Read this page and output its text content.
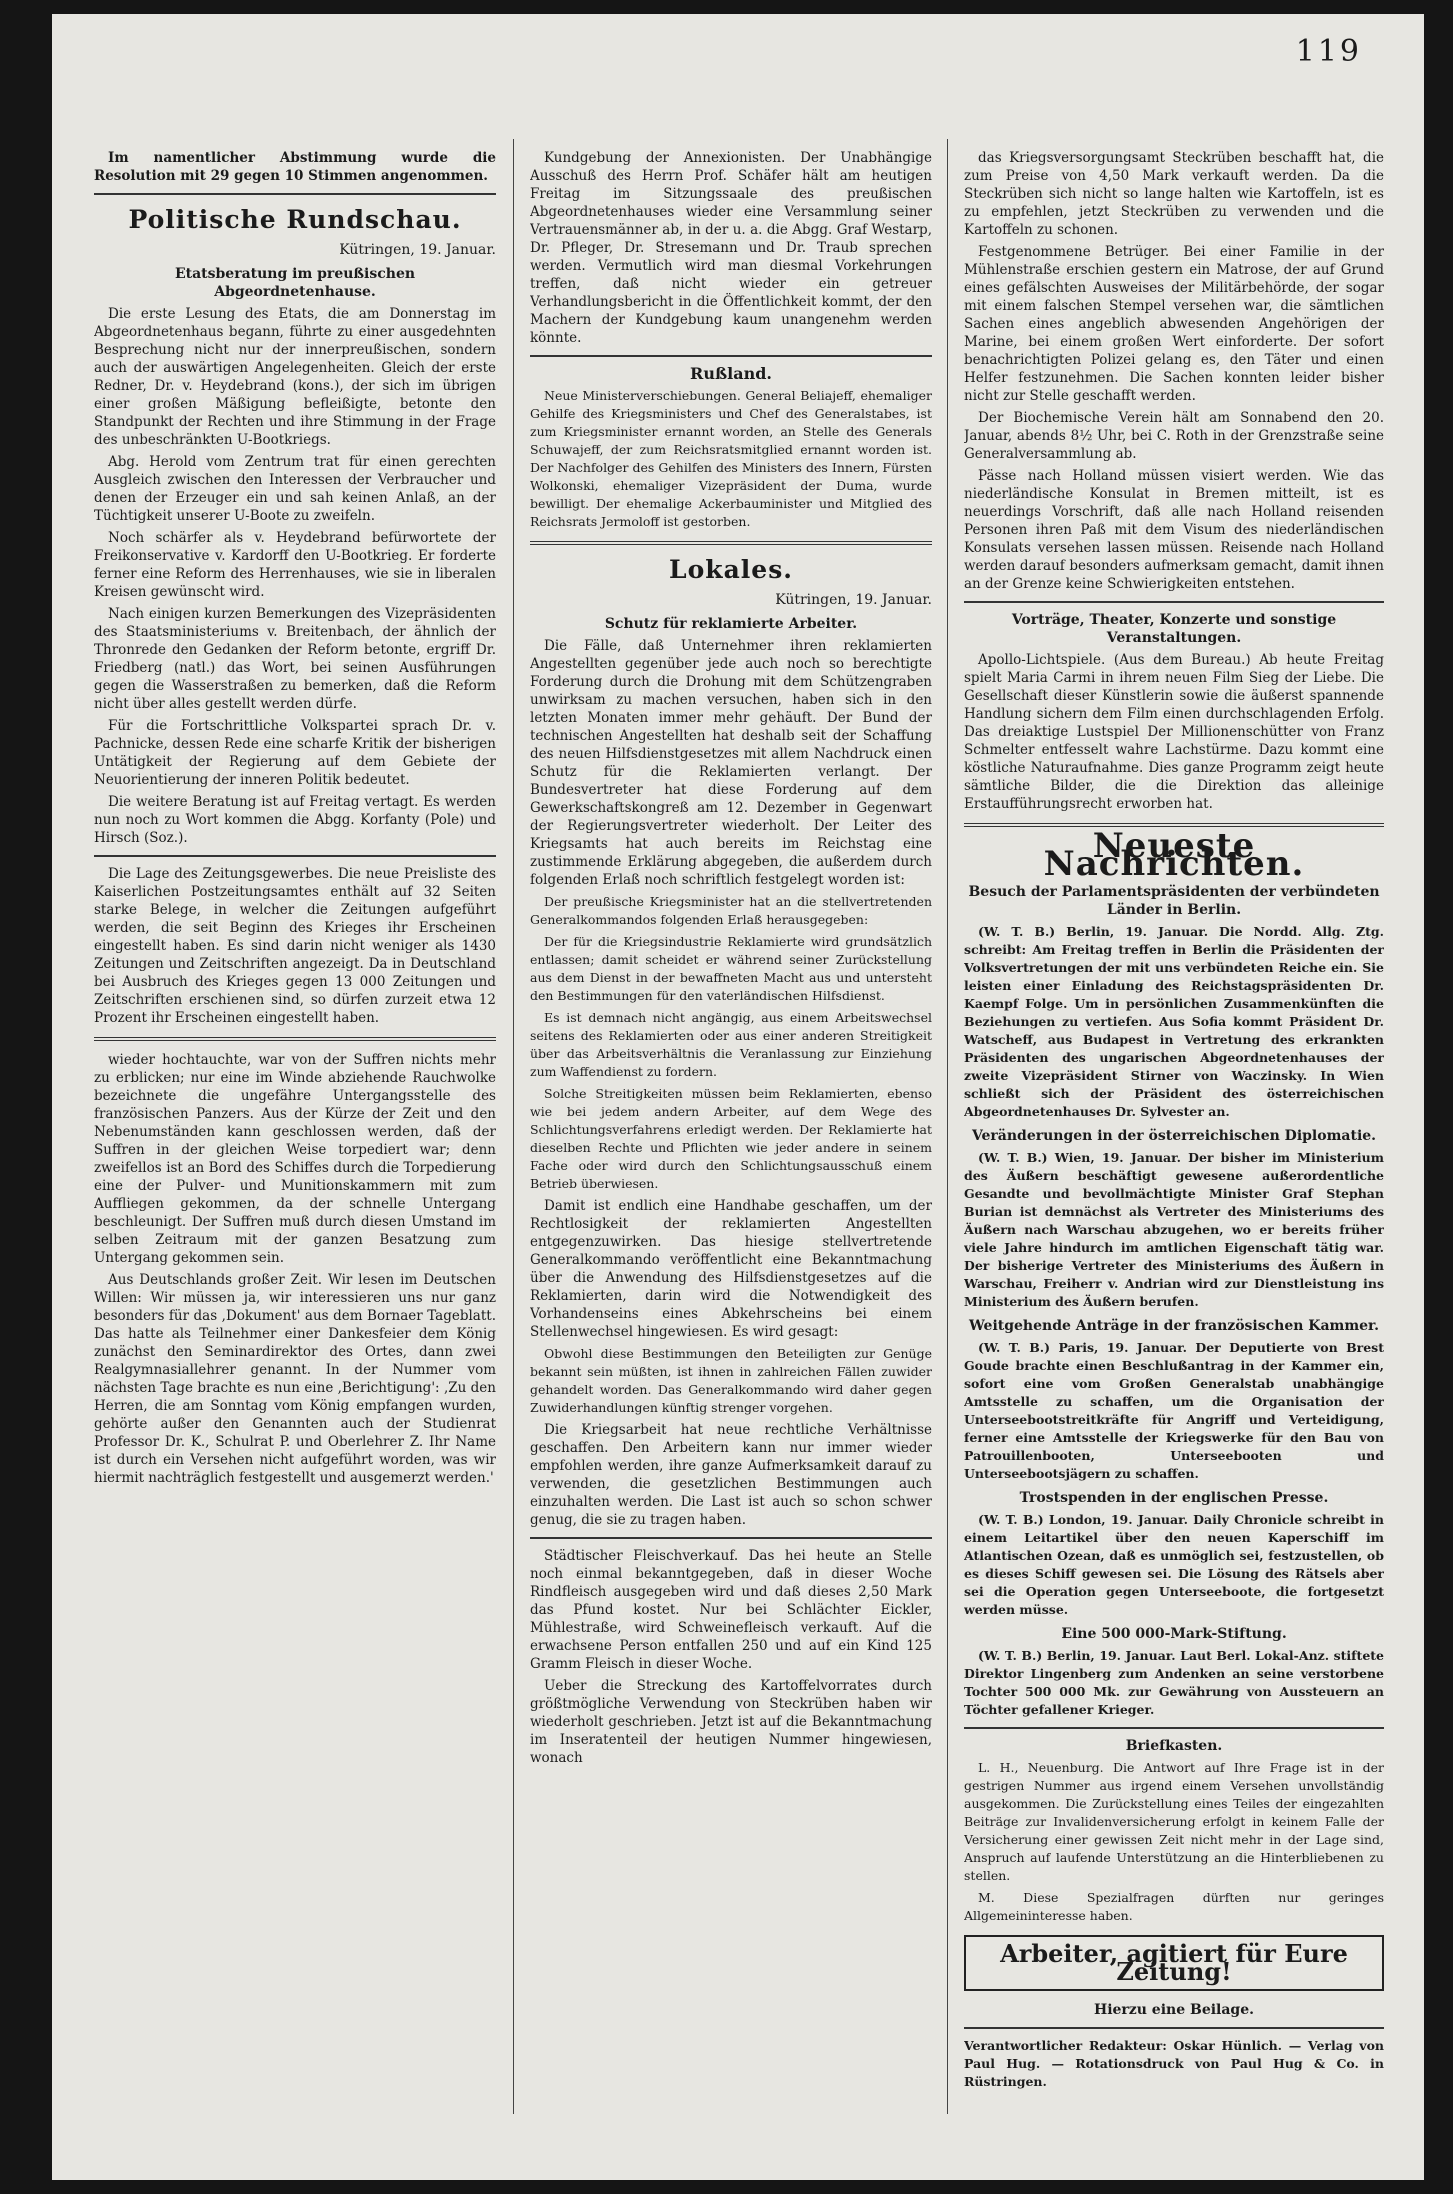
119

Im namentlicher Abstimmung wurde die Resolution mit 29 gegen 10 Stimmen angenommen.

Politische Rundschau.
Kütringen, 19. Januar.
Etatsberatung im preußischen Abgeordnetenhause.

Die erste Lesung des Etats, die am Donnerstag im Abgeordnetenhaus begann, führte zu einer ausgedehnten Besprechung nicht nur der innerpreußischen, sondern auch der auswärtigen Angelegenheiten. Gleich der erste Redner, Dr. v. Heydebrand (kons.), der sich im übrigen einer großen Mäßigung befleißigte, betonte den Standpunkt der Rechten und ihre Stimmung in der Frage des unbeschränkten U-Bootkriegs.

Abg. Herold vom Zentrum trat für einen gerechten Ausgleich zwischen den Interessen der Verbraucher und denen der Erzeuger ein und sah keinen Anlaß, an der Tüchtigkeit unserer U-Boote zu zweifeln.

Noch schärfer als v. Heydebrand befürwortete der Freikonservative v. Kardorff den U-Bootkrieg. Er forderte ferner eine Reform des Herrenhauses, wie sie in liberalen Kreisen gewünscht wird.

Nach einigen kurzen Bemerkungen des Vizepräsidenten des Staatsministeriums v. Breitenbach, der ähnlich der Thronrede den Gedanken der Reform betonte, ergriff Dr. Friedberg (natl.) das Wort, bei seinen Ausführungen gegen die Wasserstraßen zu bemerken, daß die Reform nicht über alles gestellt werden dürfe.

Für die Fortschrittliche Volkspartei sprach Dr. v. Pachnicke, dessen Rede eine scharfe Kritik der bisherigen Untätigkeit der Regierung auf dem Gebiete der Neuorientierung der inneren Politik bedeutet.

Die weitere Beratung ist auf Freitag vertagt. Es werden nun noch zu Wort kommen die Abgg. Korfanty (Pole) und Hirsch (Soz.).

Die Lage des Zeitungsgewerbes. Die neue Preisliste des Kaiserlichen Postzeitungsamtes enthält auf 32 Seiten starke Belege, in welcher die Zeitungen aufgeführt werden, die seit Beginn des Krieges ihr Erscheinen eingestellt haben. Es sind darin nicht weniger als 1430 Zeitungen und Zeitschriften angezeigt. Da in Deutschland bei Ausbruch des Krieges gegen 13 000 Zeitungen und Zeitschriften erschienen sind, so dürfen zurzeit etwa 12 Prozent ihr Erscheinen eingestellt haben.

wieder hochtauchte, war von der Suffren nichts mehr zu erblicken; nur eine im Winde abziehende Rauchwolke bezeichnete die ungefähre Untergangsstelle des französischen Panzers. Aus der Kürze der Zeit und den Nebenumständen kann geschlossen werden, daß der Suffren in der gleichen Weise torpediert war; denn zweifellos ist an Bord des Schiffes durch die Torpedierung eine der Pulver- und Munitionskammern mit zum Auffliegen gekommen, da der schnelle Untergang beschleunigt. Der Suffren muß durch diesen Umstand im selben Zeitraum mit der ganzen Besatzung zum Untergang gekommen sein.

Aus Deutschlands großer Zeit. Wir lesen im Deutschen Willen: Wir müssen ja, wir interessieren uns nur ganz besonders für das ,Dokument' aus dem Bornaer Tageblatt. Das hatte als Teilnehmer einer Dankesfeier dem König zunächst den Seminardirektor des Ortes, dann zwei Realgymnasiallehrer genannt. In der Nummer vom nächsten Tage brachte es nun eine ,Berichtigung': ,Zu den Herren, die am Sonntag vom König empfangen wurden, gehörte außer den Genannten auch der Studienrat Professor Dr. K., Schulrat P. und Oberlehrer Z. Ihr Name ist durch ein Versehen nicht aufgeführt worden, was wir hiermit nachträglich festgestellt und ausgemerzt werden.'

Kundgebung der Annexionisten. Der Unabhängige Ausschuß des Herrn Prof. Schäfer hält am heutigen Freitag im Sitzungssaale des preußischen Abgeordnetenhauses wieder eine Versammlung seiner Vertrauensmänner ab, in der u. a. die Abgg. Graf Westarp, Dr. Pfleger, Dr. Stresemann und Dr. Traub sprechen werden. Vermutlich wird man diesmal Vorkehrungen treffen, daß nicht wieder ein getreuer Verhandlungsbericht in die Öffentlichkeit kommt, der den Machern der Kundgebung kaum unangenehm werden könnte.

Rußland.

Neue Ministerverschiebungen. General Beliajeff, ehemaliger Gehilfe des Kriegsministers und Chef des Generalstabes, ist zum Kriegsminister ernannt worden, an Stelle des Generals Schuwajeff, der zum Reichsratsmitglied ernannt worden ist. Der Nachfolger des Gehilfen des Ministers des Innern, Fürsten Wolkonski, ehemaliger Vizepräsident der Duma, wurde bewilligt. Der ehemalige Ackerbauminister und Mitglied des Reichsrats Jermoloff ist gestorben.

Lokales.
Kütringen, 19. Januar.
Schutz für reklamierte Arbeiter.

Die Fälle, daß Unternehmer ihren reklamierten Angestellten gegenüber jede auch noch so berechtigte Forderung durch die Drohung mit dem Schützengraben unwirksam zu machen versuchen, haben sich in den letzten Monaten immer mehr gehäuft. Der Bund der technischen Angestellten hat deshalb seit der Schaffung des neuen Hilfsdienstgesetzes mit allem Nachdruck einen Schutz für die Reklamierten verlangt. Der Bundesvertreter hat diese Forderung auf dem Gewerkschaftskongreß am 12. Dezember in Gegenwart der Regierungsvertreter wiederholt. Der Leiter des Kriegsamts hat auch bereits im Reichstag eine zustimmende Erklärung abgegeben, die außerdem durch folgenden Erlaß noch schriftlich festgelegt worden ist:

Der preußische Kriegsminister hat an die stellvertretenden Generalkommandos folgenden Erlaß herausgegeben:

Der für die Kriegsindustrie Reklamierte wird grundsätzlich entlassen; damit scheidet er während seiner Zurückstellung aus dem Dienst in der bewaffneten Macht aus und untersteht den Bestimmungen für den vaterländischen Hilfsdienst.

Es ist demnach nicht angängig, aus einem Arbeitswechsel seitens des Reklamierten oder aus einer anderen Streitigkeit über das Arbeitsverhältnis die Veranlassung zur Einziehung zum Waffendienst zu fordern.

Solche Streitigkeiten müssen beim Reklamierten, ebenso wie bei jedem andern Arbeiter, auf dem Wege des Schlichtungsverfahrens erledigt werden. Der Reklamierte hat dieselben Rechte und Pflichten wie jeder andere in seinem Fache oder wird durch den Schlichtungsausschuß einem Betrieb überwiesen.

Damit ist endlich eine Handhabe geschaffen, um der Rechtlosigkeit der reklamierten Angestellten entgegenzuwirken. Das hiesige stellvertretende Generalkommando veröffentlicht eine Bekanntmachung über die Anwendung des Hilfsdienstgesetzes auf die Reklamierten, darin wird die Notwendigkeit des Vorhandenseins eines Abkehrscheins bei einem Stellenwechsel hingewiesen. Es wird gesagt:

Obwohl diese Bestimmungen den Beteiligten zur Genüge bekannt sein müßten, ist ihnen in zahlreichen Fällen zuwider gehandelt worden. Das Generalkommando wird daher gegen Zuwiderhandlungen künftig strenger vorgehen.

Die Kriegsarbeit hat neue rechtliche Verhältnisse geschaffen. Den Arbeitern kann nur immer wieder empfohlen werden, ihre ganze Aufmerksamkeit darauf zu verwenden, die gesetzlichen Bestimmungen auch einzuhalten werden. Die Last ist auch so schon schwer genug, die sie zu tragen haben.

Städtischer Fleischverkauf. Das hei heute an Stelle noch einmal bekanntgegeben, daß in dieser Woche Rindfleisch ausgegeben wird und daß dieses 2,50 Mark das Pfund kostet. Nur bei Schlächter Eickler, Mühlestraße, wird Schweinefleisch verkauft. Auf die erwachsene Person entfallen 250 und auf ein Kind 125 Gramm Fleisch in dieser Woche.

Ueber die Streckung des Kartoffelvorrates durch größtmögliche Verwendung von Steckrüben haben wir wiederholt geschrieben. Jetzt ist auf die Bekanntmachung im Inseratenteil der heutigen Nummer hingewiesen, wonach

das Kriegsversorgungsamt Steckrüben beschafft hat, die zum Preise von 4,50 Mark verkauft werden. Da die Steckrüben sich nicht so lange halten wie Kartoffeln, ist es zu empfehlen, jetzt Steckrüben zu verwenden und die Kartoffeln zu schonen.

Festgenommene Betrüger. Bei einer Familie in der Mühlenstraße erschien gestern ein Matrose, der auf Grund eines gefälschten Ausweises der Militärbehörde, der sogar mit einem falschen Stempel versehen war, die sämtlichen Sachen eines angeblich abwesenden Angehörigen der Marine, bei einem großen Wert einforderte. Der sofort benachrichtigten Polizei gelang es, den Täter und einen Helfer festzunehmen. Die Sachen konnten leider bisher nicht zur Stelle geschafft werden.

Der Biochemische Verein hält am Sonnabend den 20. Januar, abends 8½ Uhr, bei C. Roth in der Grenzstraße seine Generalversammlung ab.

Pässe nach Holland müssen visiert werden. Wie das niederländische Konsulat in Bremen mitteilt, ist es neuerdings Vorschrift, daß alle nach Holland reisenden Personen ihren Paß mit dem Visum des niederländischen Konsulats versehen lassen müssen. Reisende nach Holland werden darauf besonders aufmerksam gemacht, damit ihnen an der Grenze keine Schwierigkeiten entstehen.

Vorträge, Theater, Konzerte und sonstige Veranstaltungen.

Apollo-Lichtspiele. (Aus dem Bureau.) Ab heute Freitag spielt Maria Carmi in ihrem neuen Film Sieg der Liebe. Die Gesellschaft dieser Künstlerin sowie die äußerst spannende Handlung sichern dem Film einen durchschlagenden Erfolg. Das dreiaktige Lustspiel Der Millionenschütter von Franz Schmelter entfesselt wahre Lachstürme. Dazu kommt eine köstliche Naturaufnahme. Dies ganze Programm zeigt heute sämtliche Bilder, die die Direktion das alleinige Erstaufführungsrecht erworben hat.

Neueste Nachrichten.
Besuch der Parlamentspräsidenten der verbündeten Länder in Berlin.

(W. T. B.) Berlin, 19. Januar. Die Nordd. Allg. Ztg. schreibt: Am Freitag treffen in Berlin die Präsidenten der Volksvertretungen der mit uns verbündeten Reiche ein. Sie leisten einer Einladung des Reichstagspräsidenten Dr. Kaempf Folge. Um in persönlichen Zusammenkünften die Beziehungen zu vertiefen. Aus Sofia kommt Präsident Dr. Watscheff, aus Budapest in Vertretung des erkrankten Präsidenten des ungarischen Abgeordnetenhauses der zweite Vizepräsident Stirner von Waczinsky. In Wien schließt sich der Präsident des österreichischen Abgeordnetenhauses Dr. Sylvester an.

Veränderungen in der österreichischen Diplomatie.

(W. T. B.) Wien, 19. Januar. Der bisher im Ministerium des Äußern beschäftigt gewesene außerordentliche Gesandte und bevollmächtigte Minister Graf Stephan Burian ist demnächst als Vertreter des Ministeriums des Äußern nach Warschau abzugehen, wo er bereits früher viele Jahre hindurch im amtlichen Eigenschaft tätig war. Der bisherige Vertreter des Ministeriums des Äußern in Warschau, Freiherr v. Andrian wird zur Dienstleistung ins Ministerium des Äußern berufen.

Weitgehende Anträge in der französischen Kammer.

(W. T. B.) Paris, 19. Januar. Der Deputierte von Brest Goude brachte einen Beschlußantrag in der Kammer ein, sofort eine vom Großen Generalstab unabhängige Amtsstelle zu schaffen, um die Organisation der Unterseebootstreitkräfte für Angriff und Verteidigung, ferner eine Amtsstelle der Kriegswerke für den Bau von Patrouillenbooten, Unterseebooten und Unterseebootsjägern zu schaffen.

Trostspenden in der englischen Presse.

(W. T. B.) London, 19. Januar. Daily Chronicle schreibt in einem Leitartikel über den neuen Kaperschiff im Atlantischen Ozean, daß es unmöglich sei, festzustellen, ob es dieses Schiff gewesen sei. Die Lösung des Rätsels aber sei die Operation gegen Unterseeboote, die fortgesetzt werden müsse.

Eine 500 000-Mark-Stiftung.

(W. T. B.) Berlin, 19. Januar. Laut Berl. Lokal-Anz. stiftete Direktor Lingenberg zum Andenken an seine verstorbene Tochter 500 000 Mk. zur Gewährung von Aussteuern an Töchter gefallener Krieger.

Briefkasten.

L. H., Neuenburg. Die Antwort auf Ihre Frage ist in der gestrigen Nummer aus irgend einem Versehen unvollständig ausgekommen. Die Zurückstellung eines Teiles der eingezahlten Beiträge zur Invalidenversicherung erfolgt in keinem Falle der Versicherung einer gewissen Zeit nicht mehr in der Lage sind, Anspruch auf laufende Unterstützung an die Hinterbliebenen zu stellen.

M. Diese Spezialfragen dürften nur geringes Allgemeininteresse haben.

Arbeiter, agitiert für Eure Zeitung!
Hierzu eine Beilage.

Verantwortlicher Redakteur: Oskar Hünlich. — Verlag von Paul Hug. — Rotationsdruck von Paul Hug & Co. in Rüstringen.
